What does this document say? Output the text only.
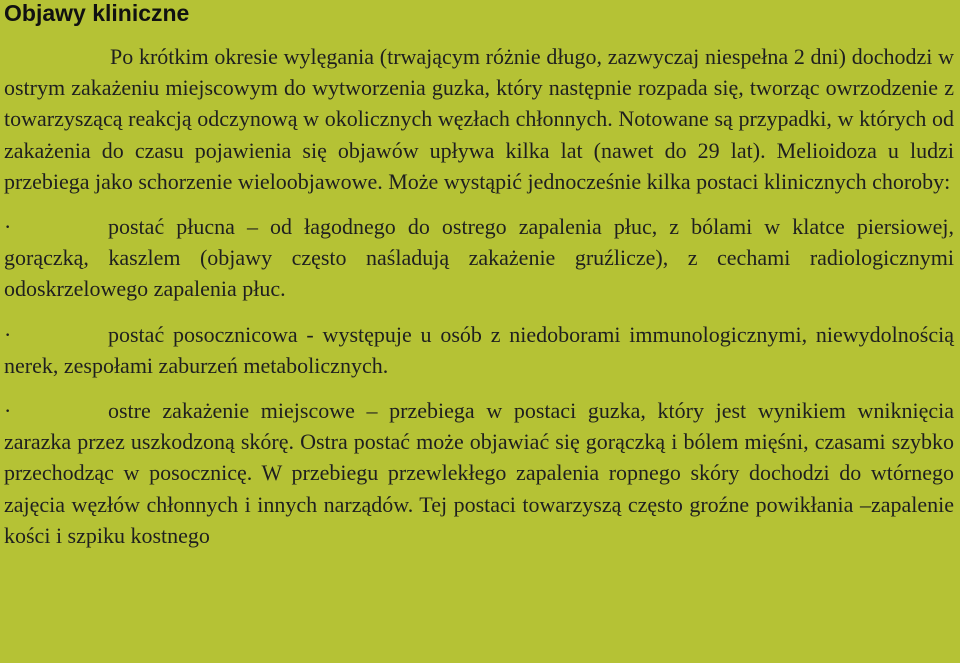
Objawy kliniczne

Po krótkim okresie wylęgania (trwającym różnie długo, zazwyczaj niespełna 2 dni) dochodzi w ostrym zakażeniu miejscowym do wytworzenia guzka, który następnie rozpada się, tworząc owrzodzenie z towarzyszącą reakcją odczynową w okolicznych węzłach chłonnych. Notowane są przypadki, w których od zakażenia do czasu pojawienia się objawów upływa kilka lat (nawet do 29 lat). Melioidoza u ludzi przebiega jako schorzenie wieloobjawowe. Może wystąpić jednocześnie kilka postaci klinicznych choroby:

·	postać płucna – od łagodnego do ostrego zapalenia płuc, z bólami w klatce piersiowej, gorączką, kaszlem (objawy często naśladują zakażenie gruźlicze), z cechami radiologicznymi odoskrzelowego zapalenia płuc.

·	postać posocznicowa - występuje u osób z niedoborami immunologicznymi, niewydolnością nerek, zespołami zaburzeń metabolicznych.

·	ostre zakażenie miejscowe – przebiega w postaci guzka, który jest wynikiem wniknięcia zarazka przez uszkodzoną skórę. Ostra postać może objawiać się gorączką i bólem mięśni, czasami szybko przechodząc w posocznicę. W przebiegu przewlekłego zapalenia ropnego skóry dochodzi do wtórnego zajęcia węzłów chłonnych i innych narządów. Tej postaci towarzyszą często groźne powikłania –zapalenie kości i szpiku kostnego
